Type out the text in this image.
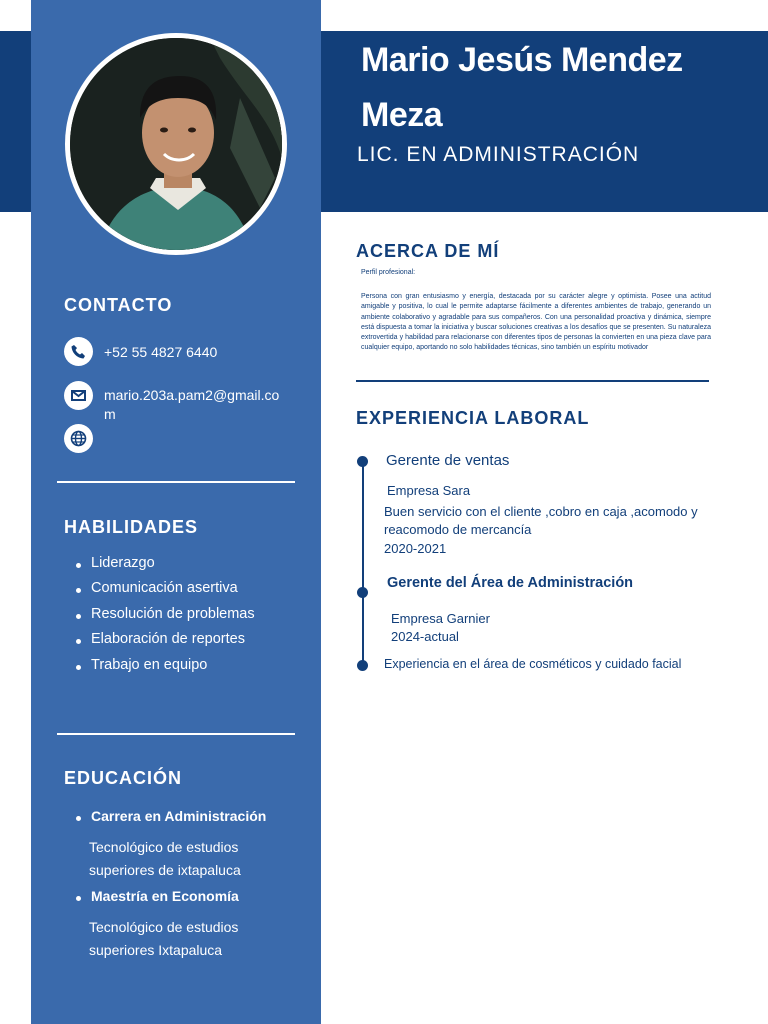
Mario Jesús Mendez
Meza
LIC. EN ADMINISTRACIÓN
CONTACTO
+52 55 4827 6440
mario.203a.pam2@gmail.com
HABILIDADES
Liderazgo
Comunicación asertiva
Resolución de problemas
Elaboración de reportes
Trabajo en equipo
EDUCACIÓN
Carrera en Administración
Tecnológico de estudios superiores de ixtapaluca
Maestría en Economía
Tecnológico de estudios superiores Ixtapaluca
ACERCA DE MÍ
Perfil profesional:
Persona con gran entusiasmo y energía, destacada por su carácter alegre y optimista. Posee una actitud amigable y positiva, lo cual le permite adaptarse fácilmente a diferentes ambientes de trabajo, generando un ambiente colaborativo y agradable para sus compañeros. Con una personalidad proactiva y dinámica, siempre está dispuesta a tomar la iniciativa y buscar soluciones creativas a los desafíos que se presenten. Su naturaleza extrovertida y habilidad para relacionarse con diferentes tipos de personas la convierten en una pieza clave para cualquier equipo, aportando no solo habilidades técnicas, sino también un espíritu motivador
EXPERIENCIA LABORAL
Gerente de ventas
Empresa Sara
Buen servicio con el cliente ,cobro en caja ,acomodo y reacomodo de mercancía
2020-2021
Gerente del Área de Administración
Empresa Garnier
2024-actual
Experiencia en el área de cosméticos y cuidado facial
